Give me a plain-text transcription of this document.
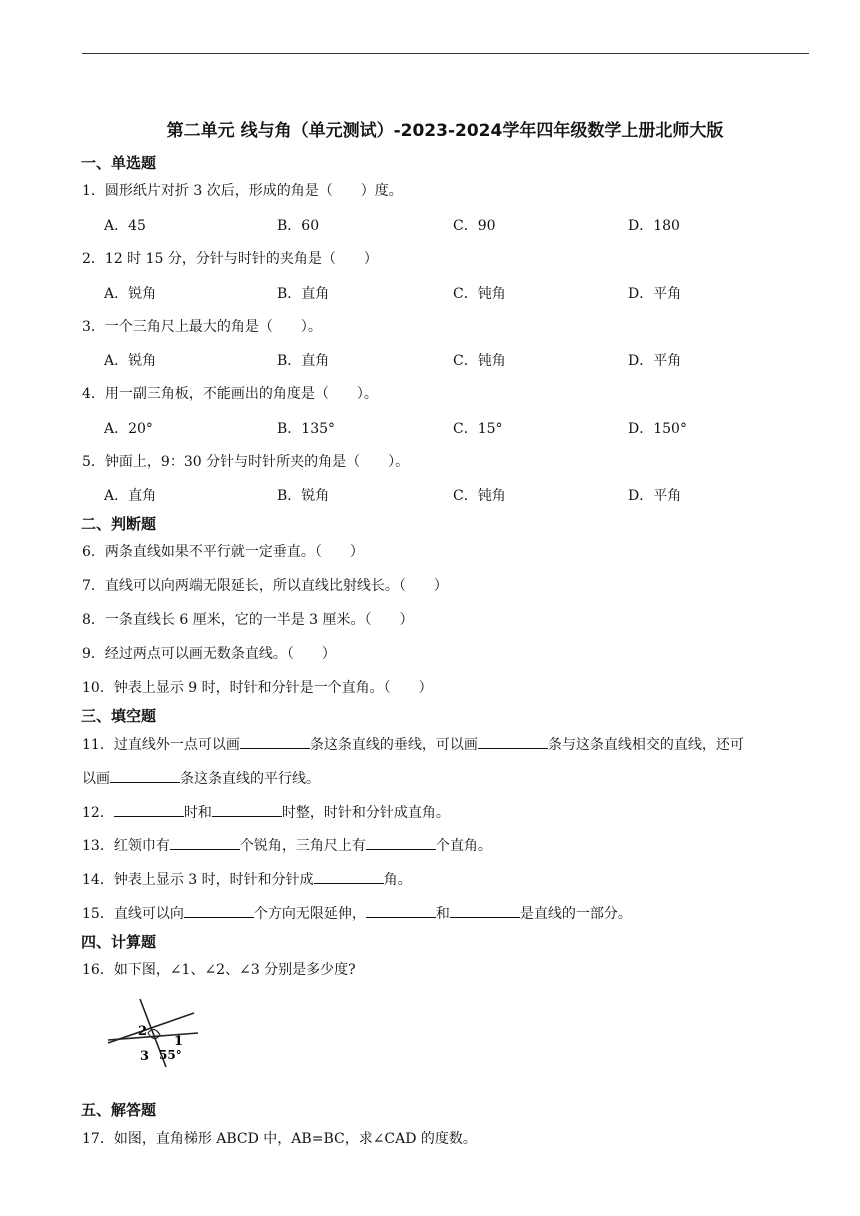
第二单元 线与角（单元测试）-2023-2024学年四年级数学上册北师大版
一、单选题
1．圆形纸片对折 3 次后，形成的角是（　　）度。
A．45	B．60	C．90	D．180
2．12 时 15 分，分针与时针的夹角是（　　）
A．锐角	B．直角	C．钝角	D．平角
3．一个三角尺上最大的角是（　　）。
A．锐角	B．直角	C．钝角	D．平角
4．用一副三角板，不能画出的角度是（　　）。
A．20°	B．135°	C．15°	D．150°
5．钟面上，9：30 分针与时针所夹的角是（　　）。
A．直角	B．锐角	C．钝角	D．平角
二、判断题
6．两条直线如果不平行就一定垂直。（　　）
7．直线可以向两端无限延长，所以直线比射线长。（　　）
8．一条直线长 6 厘米，它的一半是 3 厘米。（　　）
9．经过两点可以画无数条直线。（　　）
10．钟表上显示 9 时，时针和分针是一个直角。（　　）
三、填空题
11．过直线外一点可以画	条这条直线的垂线，可以画	条与这条直线相交的直线，还可
以画	条这条直线的平行线。
12．	时和	时整，时针和分针成直角。
13．红领巾有	个锐角，三角尺上有	个直角。
14．钟表上显示 3 时，时针和分针成	角。
15．直线可以向	个方向无限延伸，	和	是直线的一部分。
四、计算题
16．如下图，∠1、∠2、∠3 分别是多少度?
2
1
3 55°
五、解答题
17．如图，直角梯形 ABCD 中，AB=BC，求∠CAD 的度数。
